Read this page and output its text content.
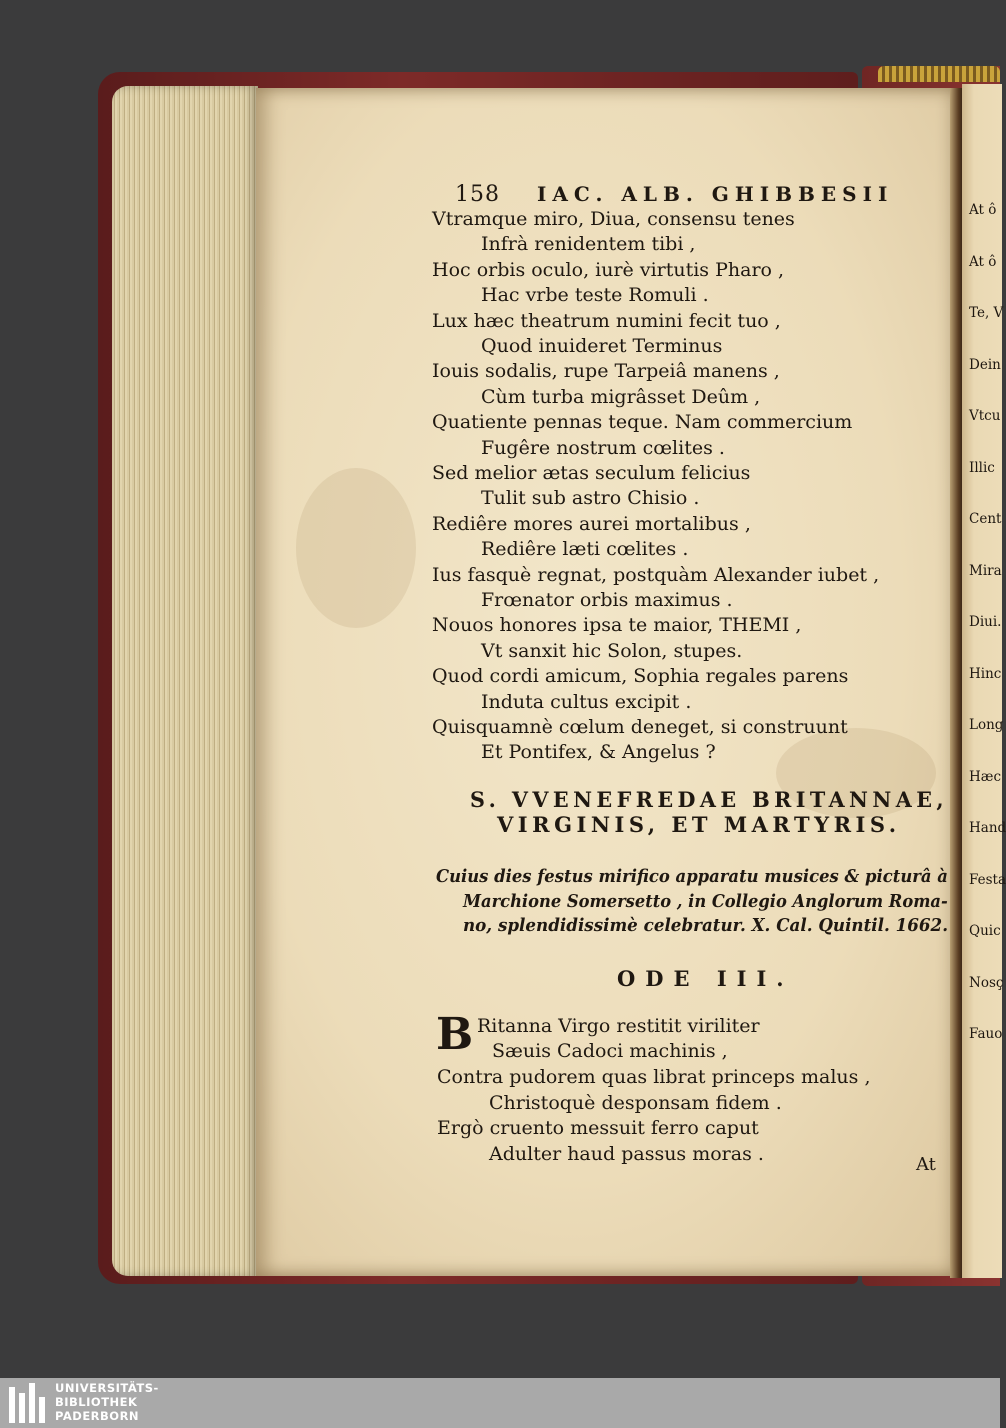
At ô
At ô
Te, V
Dein
Vtcu
Illic
Cent
Mira
Diui.
Hinc
Long
Hæc
Hand
Festa
Quic
Nosç
Fauo
158 IAC. ALB. GHIBBESII
Vtramque miro, Diua, consensu tenes
Infrà renidentem tibi ,
Hoc orbis oculo, iurè virtutis Pharo ,
Hac vrbe teste Romuli .
Lux hæc theatrum numini fecit tuo ,
Quod inuideret Terminus
Iouis sodalis, rupe Tarpeiâ manens ,
Cùm turba migrâsset Deûm ,
Quatiente pennas teque. Nam commercium
Fugêre nostrum cœlites .
Sed melior ætas seculum felicius
Tulit sub astro Chisio .
Rediêre mores aurei mortalibus ,
Rediêre læti cœlites .
Ius fasquè regnat, postquàm Alexander iubet ,
Frœnator orbis maximus .
Nouos honores ipsa te maior, THEMI ,
Vt sanxit hic Solon, stupes.
Quod cordi amicum, Sophia regales parens
Induta cultus excipit .
Quisquamnè cœlum deneget, si construunt
Et Pontifex, & Angelus ?
S. VVENEFREDAE BRITANNAE,
VIRGINIS, ET MARTYRIS.
Cuius dies festus mirifico apparatu musices & picturâ à
Marchione Somersetto , in Collegio Anglorum Roma-
no, splendidissimè celebratur. X. Cal. Quintil. 1662.
ODE III.
B Ritanna Virgo restitit viriliter
Sæuis Cadoci machinis ,
Contra pudorem quas librat princeps malus ,
Christoquè desponsam fidem .
Ergò cruento messuit ferro caput
Adulter haud passus moras .	At
UNIVERSITÄTS-
BIBLIOTHEK
PADERBORN
